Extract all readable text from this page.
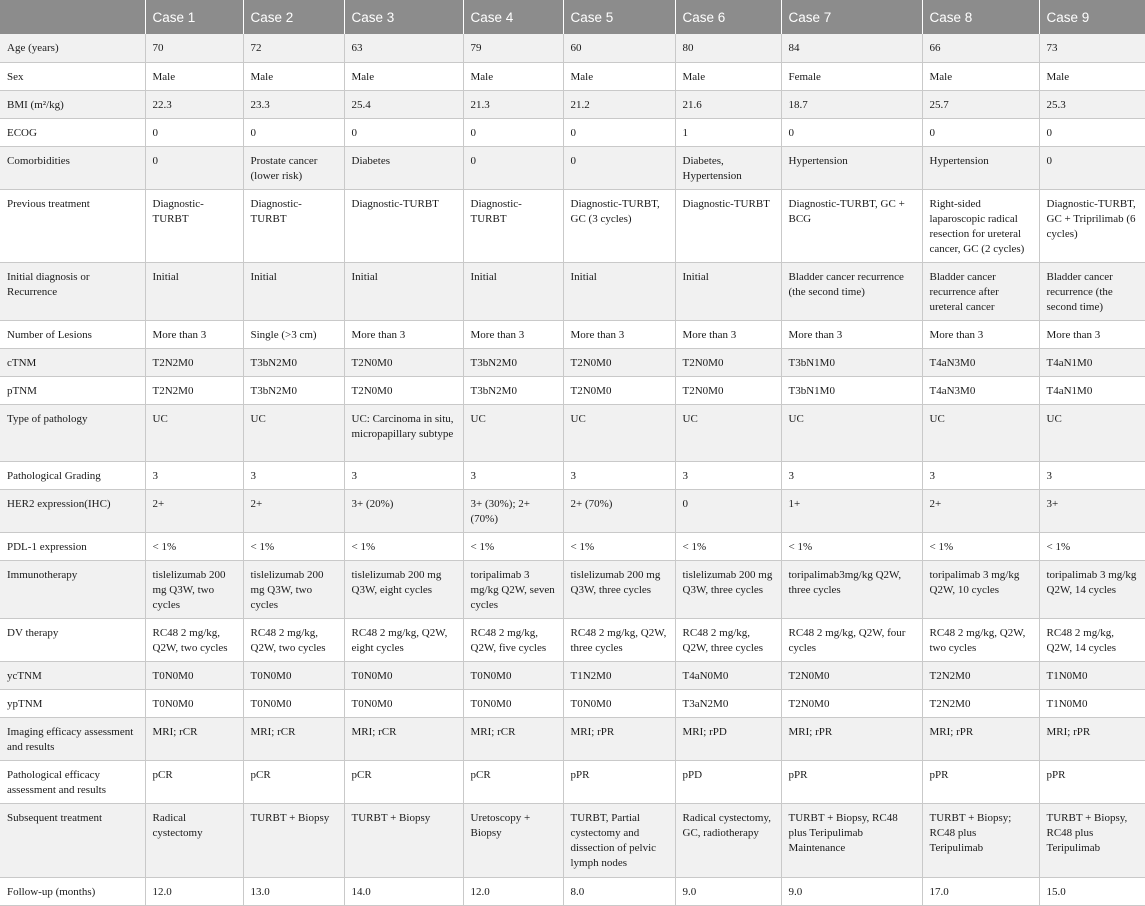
	Case 1	Case 2	Case 3	Case 4	Case 5	Case 6	Case 7	Case 8	Case 9
Age (years)	70	72	63	79	60	80	84	66	73
Sex	Male	Male	Male	Male	Male	Male	Female	Male	Male
BMI (m²/kg)	22.3	23.3	25.4	21.3	21.2	21.6	18.7	25.7	25.3
ECOG	0	0	0	0	0	1	0	0	0
Comorbidities	0	Prostate cancer (lower risk)	Diabetes	0	0	Diabetes, Hypertension	Hypertension	Hypertension	0
Previous treatment	Diagnostic-TURBT	Diagnostic-TURBT	Diagnostic-TURBT	Diagnostic-TURBT	Diagnostic-TURBT, GC (3 cycles)	Diagnostic-TURBT	Diagnostic-TURBT, GC + BCG	Right-sided laparoscopic radical resection for ureteral cancer, GC (2 cycles)	Diagnostic-TURBT, GC + Triprilimab (6 cycles)
Initial diagnosis or Recurrence	Initial	Initial	Initial	Initial	Initial	Initial	Bladder cancer recurrence (the second time)	Bladder cancer recurrence after ureteral cancer	Bladder cancer recurrence (the second time)
Number of Lesions	More than 3	Single (>3 cm)	More than 3	More than 3	More than 3	More than 3	More than 3	More than 3	More than 3
cTNM	T2N2M0	T3bN2M0	T2N0M0	T3bN2M0	T2N0M0	T2N0M0	T3bN1M0	T4aN3M0	T4aN1M0
pTNM	T2N2M0	T3bN2M0	T2N0M0	T3bN2M0	T2N0M0	T2N0M0	T3bN1M0	T4aN3M0	T4aN1M0
Type of pathology	UC	UC	UC: Carcinoma in situ, micropapillary subtype	UC	UC	UC	UC	UC	UC
Pathological Grading	3	3	3	3	3	3	3	3	3
HER2 expression(IHC)	2+	2+	3+ (20%)	3+ (30%); 2+ (70%)	2+ (70%)	0	1+	2+	3+
PDL-1 expression	< 1%	< 1%	< 1%	< 1%	< 1%	< 1%	< 1%	< 1%	< 1%
Immunotherapy	tislelizumab 200 mg Q3W, two cycles	tislelizumab 200 mg Q3W, two cycles	tislelizumab 200 mg Q3W, eight cycles	toripalimab 3 mg/kg Q2W, seven cycles	tislelizumab 200 mg Q3W, three cycles	tislelizumab 200 mg Q3W, three cycles	toripalimab3mg/kg Q2W, three cycles	toripalimab 3 mg/kg Q2W, 10 cycles	toripalimab 3 mg/kg Q2W, 14 cycles
DV therapy	RC48 2 mg/kg, Q2W, two cycles	RC48 2 mg/kg, Q2W, two cycles	RC48 2 mg/kg, Q2W, eight cycles	RC48 2 mg/kg, Q2W, five cycles	RC48 2 mg/kg, Q2W, three cycles	RC48 2 mg/kg, Q2W, three cycles	RC48 2 mg/kg, Q2W, four cycles	RC48 2 mg/kg, Q2W, two cycles	RC48 2 mg/kg, Q2W, 14 cycles
ycTNM	T0N0M0	T0N0M0	T0N0M0	T0N0M0	T1N2M0	T4aN0M0	T2N0M0	T2N2M0	T1N0M0
ypTNM	T0N0M0	T0N0M0	T0N0M0	T0N0M0	T0N0M0	T3aN2M0	T2N0M0	T2N2M0	T1N0M0
Imaging efficacy assessment and results	MRI; rCR	MRI; rCR	MRI; rCR	MRI; rCR	MRI; rPR	MRI; rPD	MRI; rPR	MRI; rPR	MRI; rPR
Pathological efficacy assessment and results	pCR	pCR	pCR	pCR	pPR	pPD	pPR	pPR	pPR
Subsequent treatment	Radical cystectomy	TURBT + Biopsy	TURBT + Biopsy	Uretoscopy + Biopsy	TURBT, Partial cystectomy and dissection of pelvic lymph nodes	Radical cystectomy, GC, radiotherapy	TURBT + Biopsy, RC48 plus Teripulimab Maintenance	TURBT + Biopsy; RC48 plus Teripulimab	TURBT + Biopsy, RC48 plus Teripulimab
Follow-up (months)	12.0	13.0	14.0	12.0	8.0	9.0	9.0	17.0	15.0
